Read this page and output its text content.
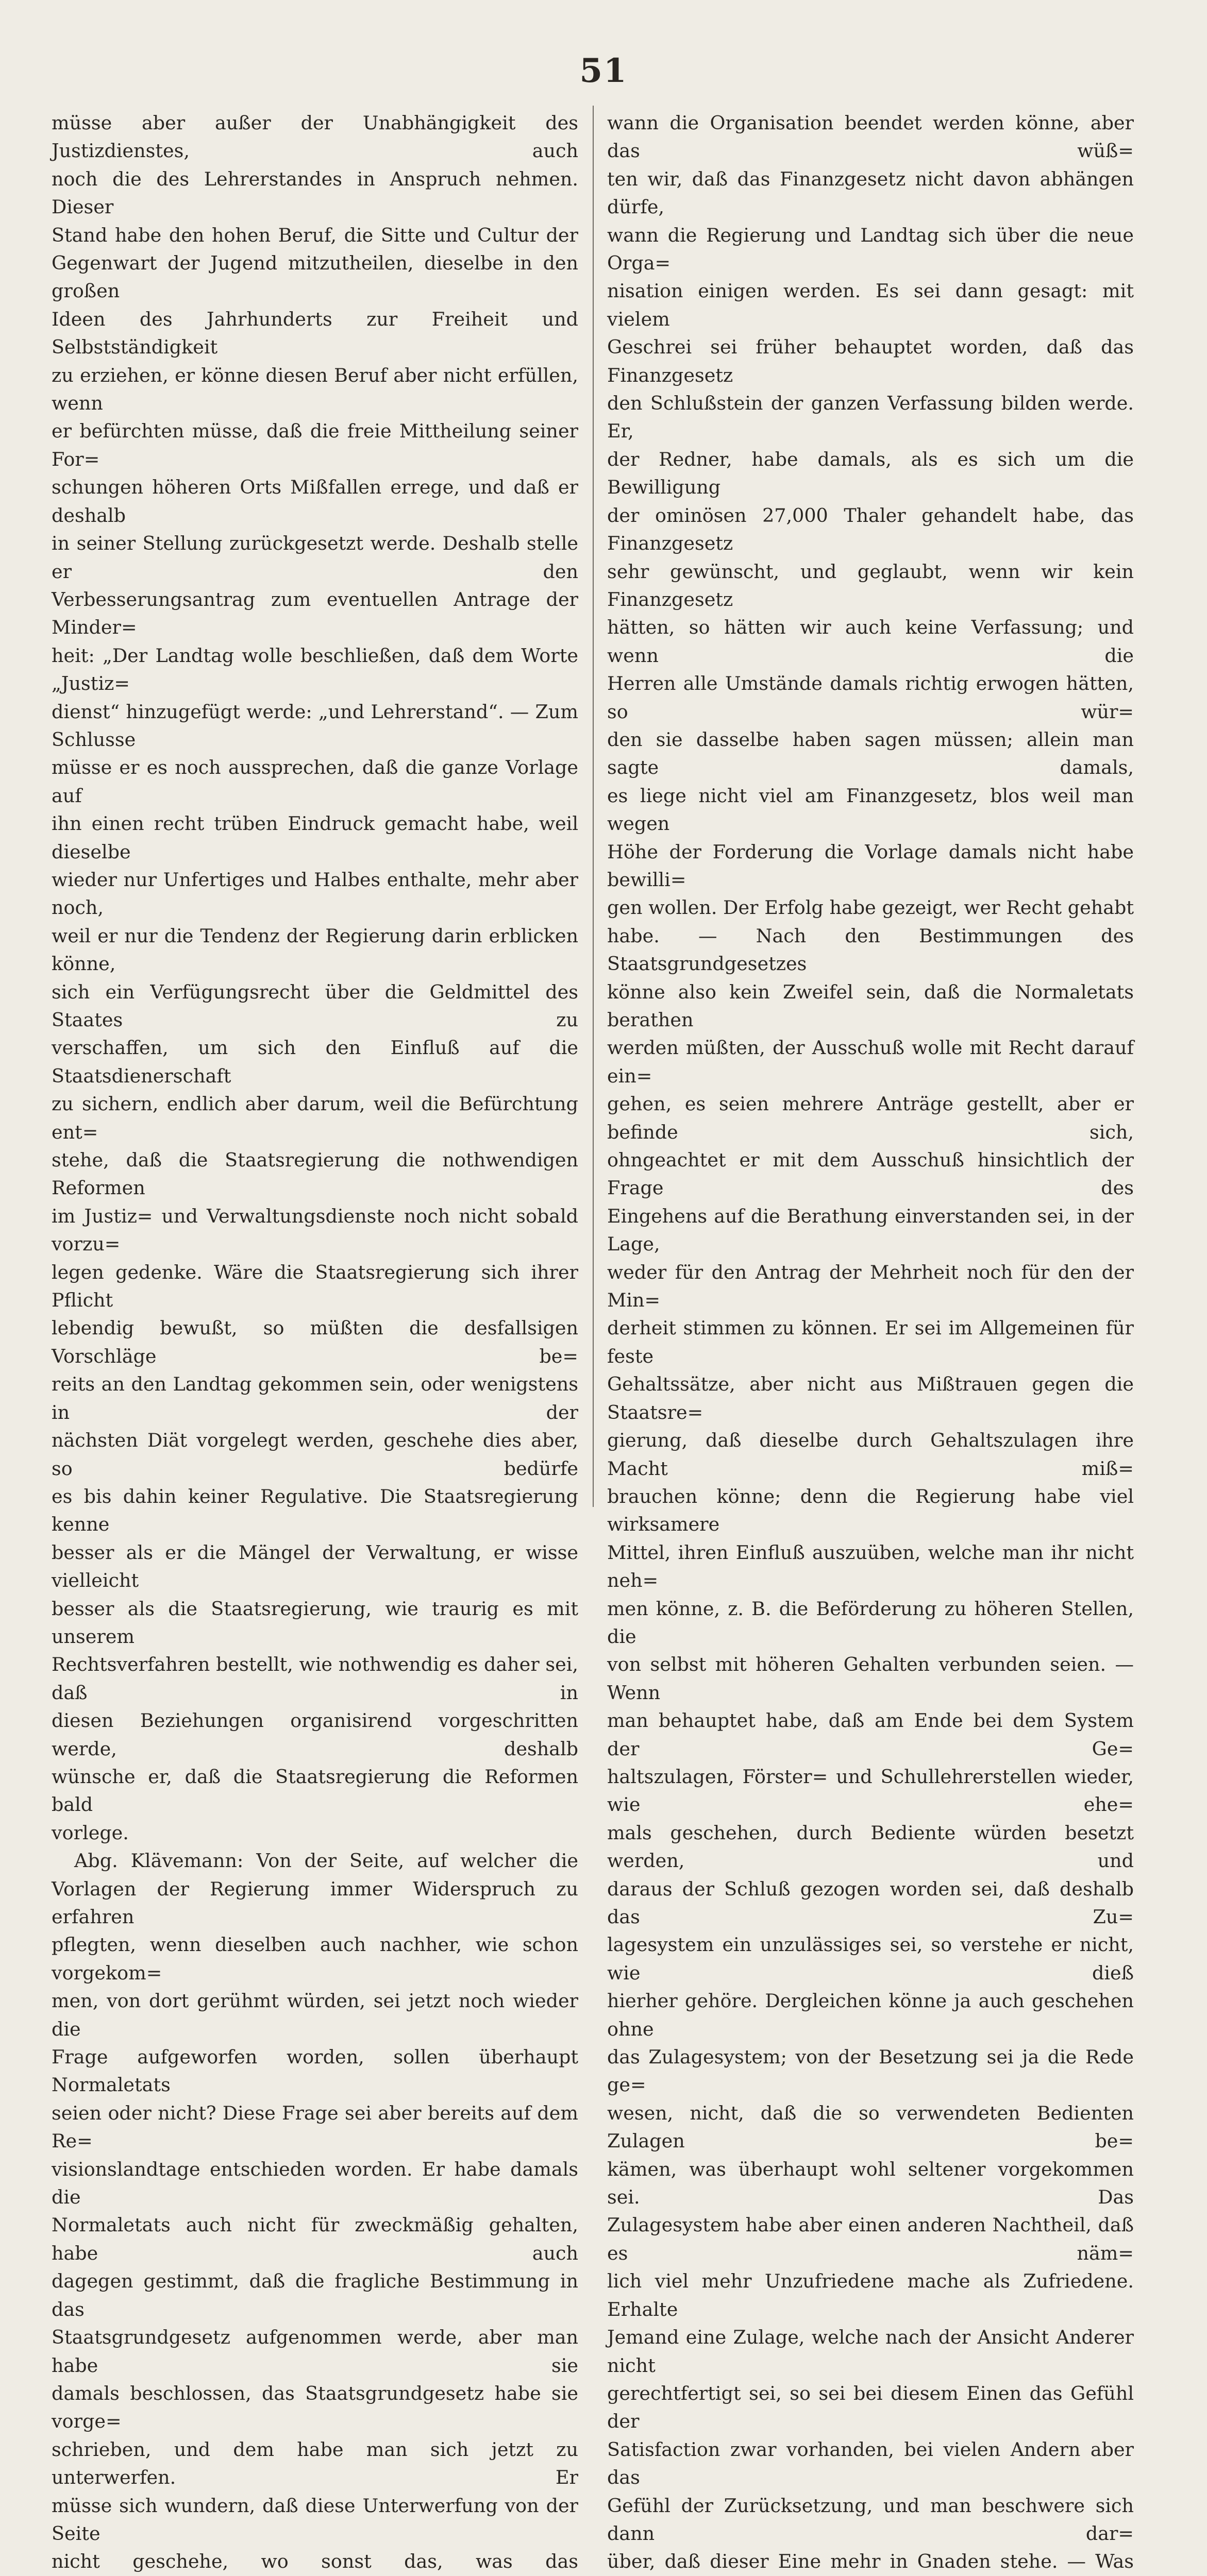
51

müsse aber außer der Unabhängigkeit des Justizdienstes, auch

noch die des Lehrerstandes in Anspruch nehmen. Dieser

Stand habe den hohen Beruf, die Sitte und Cultur der

Gegenwart der Jugend mitzutheilen, dieselbe in den großen

Ideen des Jahrhunderts zur Freiheit und Selbstständigkeit

zu erziehen, er könne diesen Beruf aber nicht erfüllen, wenn

er befürchten müsse, daß die freie Mittheilung seiner For=

schungen höheren Orts Mißfallen errege, und daß er deshalb

in seiner Stellung zurückgesetzt werde. Deshalb stelle er den

Verbesserungsantrag zum eventuellen Antrage der Minder=

heit: „Der Landtag wolle beschließen, daß dem Worte „Justiz=

dienst“ hinzugefügt werde: „und Lehrerstand“. — Zum Schlusse

müsse er es noch aussprechen, daß die ganze Vorlage auf

ihn einen recht trüben Eindruck gemacht habe, weil dieselbe

wieder nur Unfertiges und Halbes enthalte, mehr aber noch,

weil er nur die Tendenz der Regierung darin erblicken könne,

sich ein Verfügungsrecht über die Geldmittel des Staates zu

verschaffen, um sich den Einfluß auf die Staatsdienerschaft

zu sichern, endlich aber darum, weil die Befürchtung ent=

stehe, daß die Staatsregierung die nothwendigen Reformen

im Justiz= und Verwaltungsdienste noch nicht sobald vorzu=

legen gedenke. Wäre die Staatsregierung sich ihrer Pflicht

lebendig bewußt, so müßten die desfallsigen Vorschläge be=

reits an den Landtag gekommen sein, oder wenigstens in der

nächsten Diät vorgelegt werden, geschehe dies aber, so bedürfe

es bis dahin keiner Regulative. Die Staatsregierung kenne

besser als er die Mängel der Verwaltung, er wisse vielleicht

besser als die Staatsregierung, wie traurig es mit unserem

Rechtsverfahren bestellt, wie nothwendig es daher sei, daß in

diesen Beziehungen organisirend vorgeschritten werde, deshalb

wünsche er, daß die Staatsregierung die Reformen bald

vorlege.

Abg. Klävemann: Von der Seite, auf welcher die

Vorlagen der Regierung immer Widerspruch zu erfahren

pflegten, wenn dieselben auch nachher, wie schon vorgekom=

men, von dort gerühmt würden, sei jetzt noch wieder die

Frage aufgeworfen worden, sollen überhaupt Normaletats

seien oder nicht? Diese Frage sei aber bereits auf dem Re=

visionslandtage entschieden worden. Er habe damals die

Normaletats auch nicht für zweckmäßig gehalten, habe auch

dagegen gestimmt, daß die fragliche Bestimmung in das

Staatsgrundgesetz aufgenommen werde, aber man habe sie

damals beschlossen, das Staatsgrundgesetz habe sie vorge=

schrieben, und dem habe man sich jetzt zu unterwerfen. Er

müsse sich wundern, daß diese Unterwerfung von der Seite

nicht geschehe, wo sonst das, was das

wann die Organisation beendet werden könne, aber das wüß=

ten wir, daß das Finanzgesetz nicht davon abhängen dürfe,

wann die Regierung und Landtag sich über die neue Orga=

nisation einigen werden. Es sei dann gesagt: mit vielem

Geschrei sei früher behauptet worden, daß das Finanzgesetz

den Schlußstein der ganzen Verfassung bilden werde. Er,

der Redner, habe damals, als es sich um die Bewilligung

der ominösen 27,000 Thaler gehandelt habe, das Finanzgesetz

sehr gewünscht, und geglaubt, wenn wir kein Finanzgesetz

hätten, so hätten wir auch keine Verfassung; und wenn die

Herren alle Umstände damals richtig erwogen hätten, so wür=

den sie dasselbe haben sagen müssen; allein man sagte damals,

es liege nicht viel am Finanzgesetz, blos weil man wegen

Höhe der Forderung die Vorlage damals nicht habe bewilli=

gen wollen. Der Erfolg habe gezeigt, wer Recht gehabt

habe. — Nach den Bestimmungen des Staatsgrundgesetzes

könne also kein Zweifel sein, daß die Normaletats berathen

werden müßten, der Ausschuß wolle mit Recht darauf ein=

gehen, es seien mehrere Anträge gestellt, aber er befinde sich,

ohngeachtet er mit dem Ausschuß hinsichtlich der Frage des

Eingehens auf die Berathung einverstanden sei, in der Lage,

weder für den Antrag der Mehrheit noch für den der Min=

derheit stimmen zu können. Er sei im Allgemeinen für feste

Gehaltssätze, aber nicht aus Mißtrauen gegen die Staatsre=

gierung, daß dieselbe durch Gehaltszulagen ihre Macht miß=

brauchen könne; denn die Regierung habe viel wirksamere

Mittel, ihren Einfluß auszuüben, welche man ihr nicht neh=

men könne, z. B. die Beförderung zu höheren Stellen, die

von selbst mit höheren Gehalten verbunden seien. — Wenn

man behauptet habe, daß am Ende bei dem System der Ge=

haltszulagen, Förster= und Schullehrerstellen wieder, wie ehe=

mals geschehen, durch Bediente würden besetzt werden, und

daraus der Schluß gezogen worden sei, daß deshalb das Zu=

lagesystem ein unzulässiges sei, so verstehe er nicht, wie dieß

hierher gehöre. Dergleichen könne ja auch geschehen ohne

das Zulagesystem; von der Besetzung sei ja die Rede ge=

wesen, nicht, daß die so verwendeten Bedienten Zulagen be=

kämen, was überhaupt wohl seltener vorgekommen sei. Das

Zulagesystem habe aber einen anderen Nachtheil, daß es näm=

lich viel mehr Unzufriedene mache als Zufriedene. Erhalte

Jemand eine Zulage, welche nach der Ansicht Anderer nicht

gerechtfertigt sei, so sei bei diesem Einen das Gefühl der

Satisfaction zwar vorhanden, bei vielen Andern aber das

Gefühl der Zurücksetzung, und man beschwere sich dann dar=

über, daß dieser Eine mehr in Gnaden stehe. — Was
